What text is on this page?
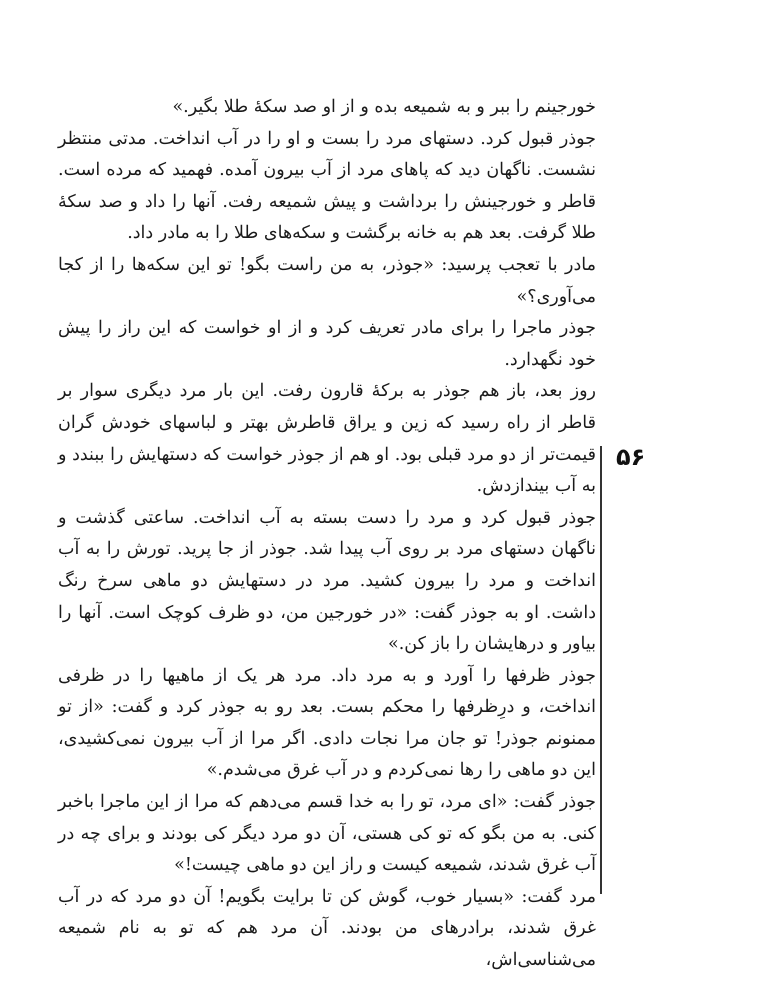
خورجینم را ببر و به شمیعه بده و از او صد سکهٔ طلا بگیر.»

جوذر قبول کرد. دستهای مرد را بست و او را در آب انداخت. مدتی منتظر نشست. ناگهان دید که پاهای مرد از آب بیرون آمده. فهمید که مرده است. قاطر و خورجینش را برداشت و پیش شمیعه رفت. آنها را داد و صد سکهٔ طلا گرفت. بعد هم به خانه برگشت و سکه‌های طلا را به مادر داد.

مادر با تعجب پرسید: «جوذر، به من راست بگو! تو این سکه‌ها را از کجا می‌آوری؟»

جوذر ماجرا را برای مادر تعریف کرد و از او خواست که این راز را پیش خود نگهدارد.

روز بعد، باز هم جوذر به برکهٔ قارون رفت. این بار مرد دیگری سوار بر قاطر از راه رسید که زین و یراق قاطرش بهتر و لباسهای خودش گران قیمت‌تر از دو مرد قبلی بود. او هم از جوذر خواست که دستهایش را ببندد و به آب بیندازدش.

جوذر قبول کرد و مرد را دست بسته به آب انداخت. ساعتی گذشت و ناگهان دستهای مرد بر روی آب پیدا شد. جوذر از جا پرید. تورش را به آب انداخت و مرد را بیرون کشید. مرد در دستهایش دو ماهی سرخ رنگ داشت. او به جوذر گفت: «در خورجین من، دو ظرف کوچک است. آنها را بیاور و درهایشان را باز کن.»

جوذر ظرفها را آورد و به مرد داد. مرد هر یک از ماهیها را در ظرفی انداخت، و درِظرفها را محکم بست. بعد رو به جوذر کرد و گفت: «از تو ممنونم جوذر! تو جان مرا نجات دادی. اگر مرا از آب بیرون نمی‌کشیدی، این دو ماهی را رها نمی‌کردم و در آب غرق می‌شدم.»

جوذر گفت: «ای مرد، تو را به خدا قسم می‌دهم که مرا از این ماجرا باخبر کنی. به من بگو که تو کی هستی، آن دو مرد دیگر کی بودند و برای چه در آب غرق شدند، شمیعه کیست و راز این دو ماهی چیست!»

مرد گفت: «بسیار خوب، گوش کن تا برایت بگویم! آن دو مرد که در آب غرق شدند، برادرهای من بودند. آن مرد هم که تو به نام شمیعه می‌شناسی‌اش،

۵۶
